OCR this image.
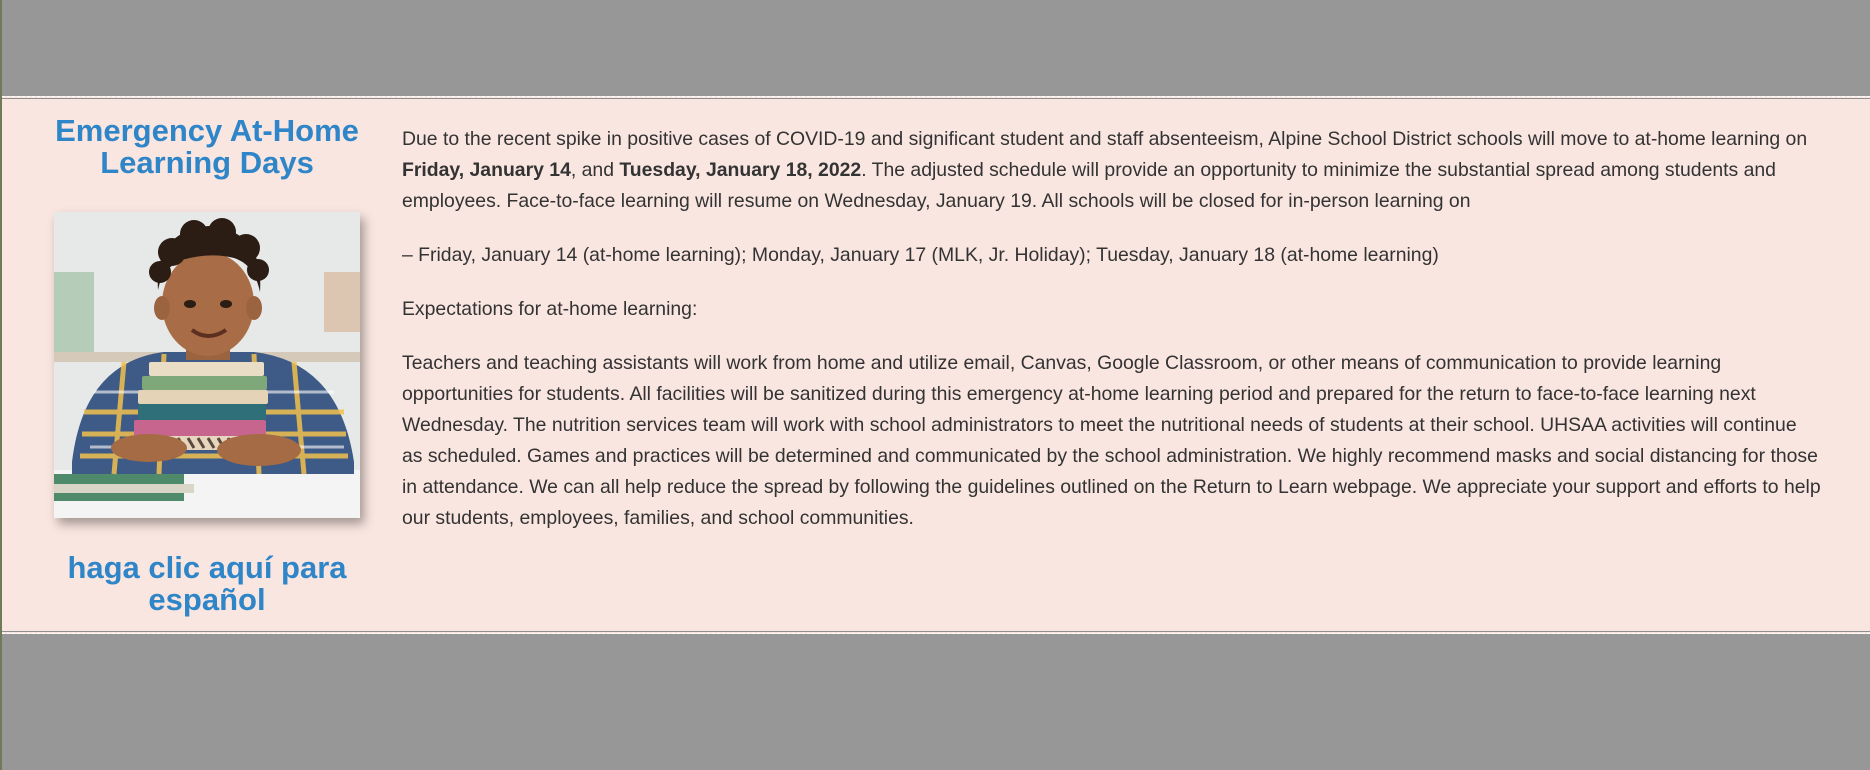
Emergency At-Home Learning Days
haga clic aquí para español

Due to the recent spike in positive cases of COVID-19 and significant student and staff absenteeism, Alpine School District schools will move to at-home learning on Friday, January 14, and Tuesday, January 18, 2022. The adjusted schedule will provide an opportunity to minimize the substantial spread among students and employees. Face-to-face learning will resume on Wednesday, January 19. All schools will be closed for in-person learning on

– Friday, January 14 (at-home learning); Monday, January 17 (MLK, Jr. Holiday); Tuesday, January 18 (at-home learning)

Expectations for at-home learning:

Teachers and teaching assistants will work from home and utilize email, Canvas, Google Classroom, or other means of communication to provide learning opportunities for students. All facilities will be sanitized during this emergency at-home learning period and prepared for the return to face-to-face learning next Wednesday. The nutrition services team will work with school administrators to meet the nutritional needs of students at their school. UHSAA activities will continue as scheduled. Games and practices will be determined and communicated by the school administration. We highly recommend masks and social distancing for those in attendance. We can all help reduce the spread by following the guidelines outlined on the Return to Learn webpage. We appreciate your support and efforts to help our students, employees, families, and school communities.
